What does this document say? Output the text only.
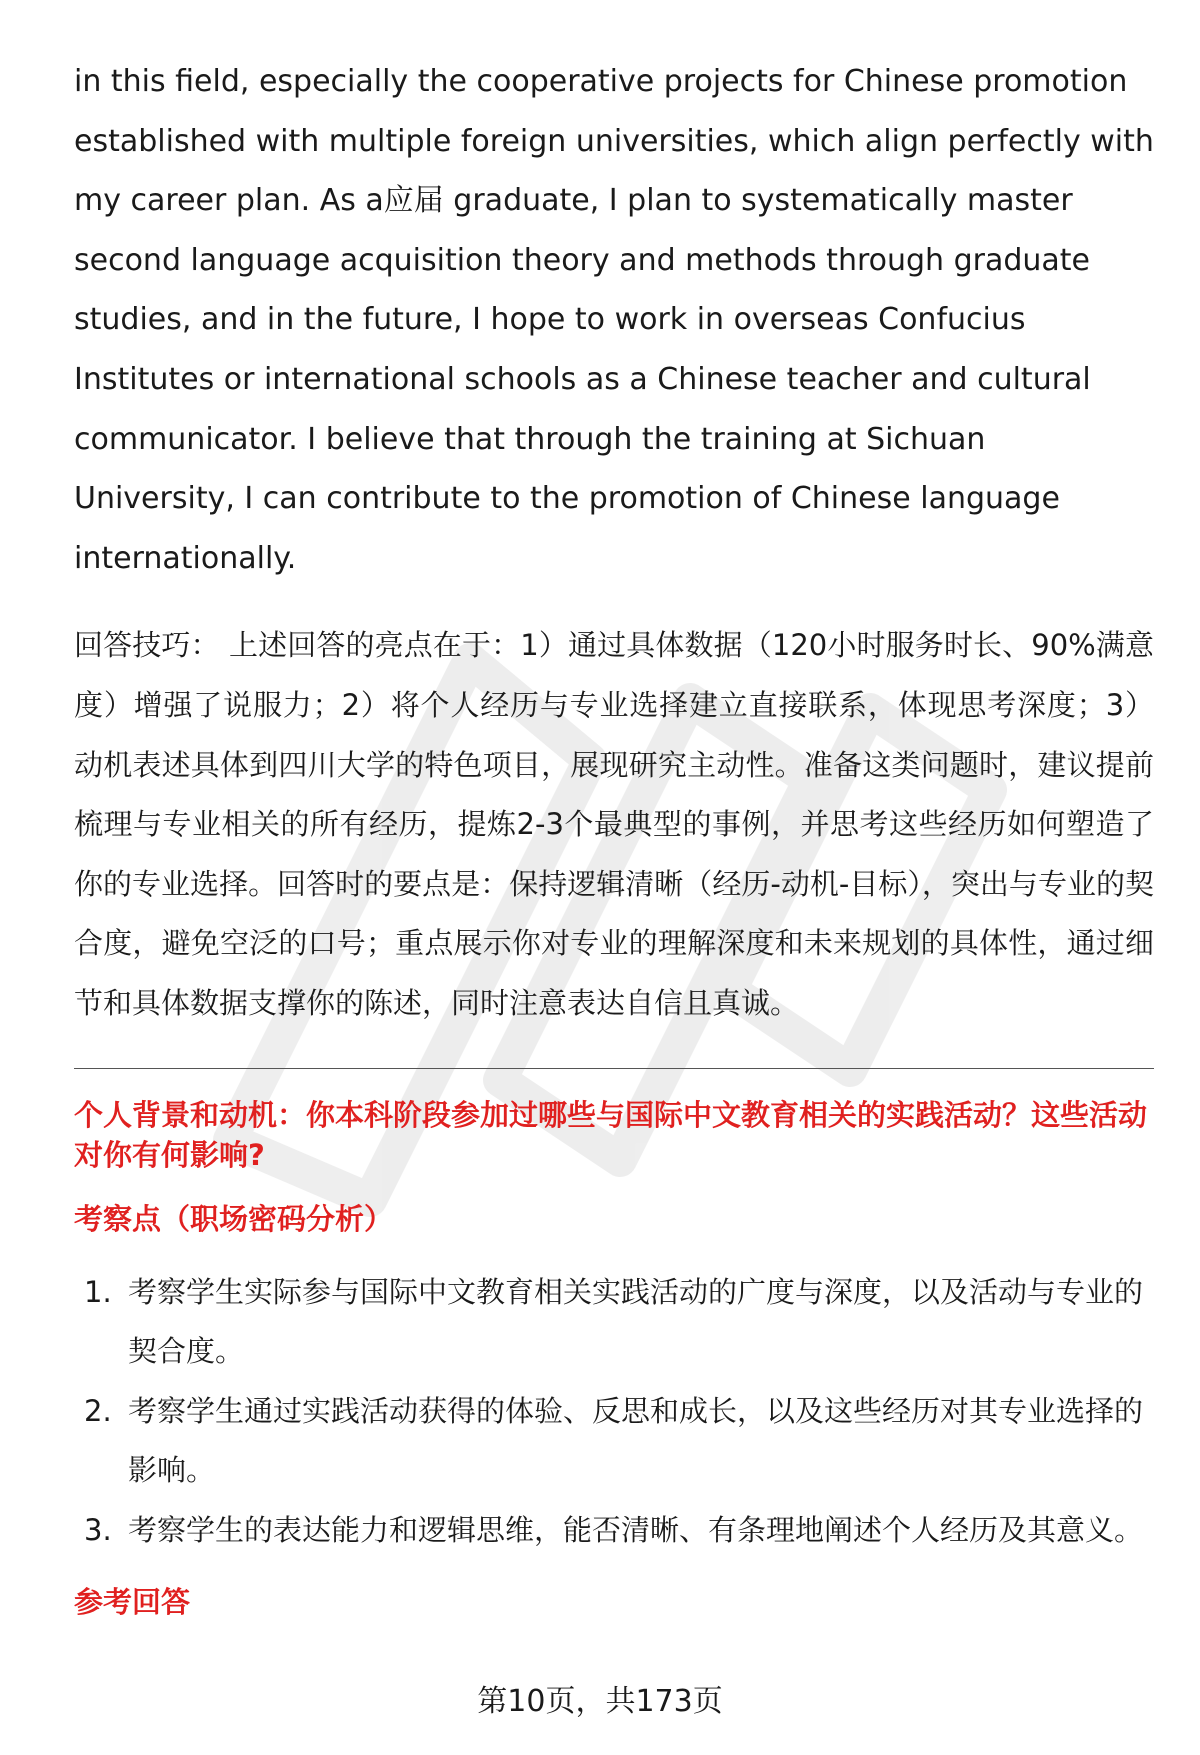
in this field, especially the cooperative projects for Chinese promotion established with multiple foreign universities, which align perfectly with my career plan. As a应届 graduate, I plan to systematically master second language acquisition theory and methods through graduate studies, and in the future, I hope to work in overseas Confucius Institutes or international schools as a Chinese teacher and cultural communicator. I believe that through the training at Sichuan University, I can contribute to the promotion of Chinese language internationally.

回答技巧： 上述回答的亮点在于：1）通过具体数据（120小时服务时长、90%满意度）增强了说服力；2）将个人经历与专业选择建立直接联系，体现思考深度；3）动机表述具体到四川大学的特色项目，展现研究主动性。准备这类问题时，建议提前梳理与专业相关的所有经历，提炼2-3个最典型的事例，并思考这些经历如何塑造了你的专业选择。回答时的要点是：保持逻辑清晰（经历-动机-目标），突出与专业的契合度，避免空泛的口号；重点展示你对专业的理解深度和未来规划的具体性，通过细节和具体数据支撑你的陈述，同时注意表达自信且真诚。
个人背景和动机：你本科阶段参加过哪些与国际中文教育相关的实践活动？这些活动对你有何影响?
考察点（职场密码分析）
1. 考察学生实际参与国际中文教育相关实践活动的广度与深度，以及活动与专业的契合度。
2. 考察学生通过实践活动获得的体验、反思和成长，以及这些经历对其专业选择的影响。
3. 考察学生的表达能力和逻辑思维，能否清晰、有条理地阐述个人经历及其意义。
参考回答
第10页，共173页
